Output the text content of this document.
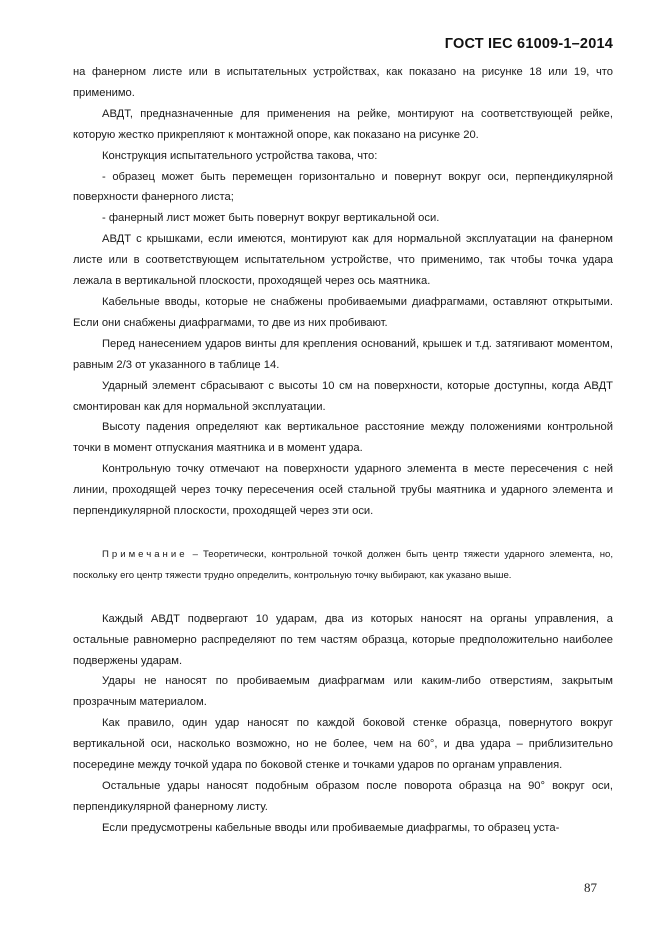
ГОСТ IEC 61009-1–2014

на фанерном листе или в испытательных устройствах, как показано на рисунке 18 или 19, что применимо.

АВДТ, предназначенные для применения на рейке, монтируют на соответствующей рейке, которую жестко прикрепляют к монтажной опоре, как показано на рисунке 20.

Конструкция испытательного устройства такова, что:

- образец может быть перемещен горизонтально и повернут вокруг оси, перпендикулярной поверхности фанерного листа;

- фанерный лист может быть повернут вокруг вертикальной оси.

АВДТ с крышками, если имеются, монтируют как для нормальной эксплуатации на фанерном листе или в соответствующем испытательном устройстве, что применимо, так чтобы точка удара лежала в вертикальной плоскости, проходящей через ось маятника.

Кабельные вводы, которые не снабжены пробиваемыми диафрагмами, оставляют открытыми. Если они снабжены диафрагмами, то две из них пробивают.

Перед нанесением ударов винты для крепления оснований, крышек и т.д. затягивают моментом, равным 2/3 от указанного в таблице 14.

Ударный элемент сбрасывают с высоты 10 см на поверхности, которые доступны, когда АВДТ смонтирован как для нормальной эксплуатации.

Высоту падения определяют как вертикальное расстояние между положениями контрольной точки в момент отпускания маятника и в момент удара.

Контрольную точку отмечают на поверхности ударного элемента в месте пересечения с ней линии, проходящей через точку пересечения осей стальной трубы маятника и ударного элемента и перпендикулярной плоскости, проходящей через эти оси.

Примечание – Теоретически, контрольной точкой должен быть центр тяжести ударного элемента, но, поскольку его центр тяжести трудно определить, контрольную точку выбирают, как указано выше.

Каждый АВДТ подвергают 10 ударам, два из которых наносят на органы управления, а остальные равномерно распределяют по тем частям образца, которые предположительно наиболее подвержены ударам.

Удары не наносят по пробиваемым диафрагмам или каким-либо отверстиям, закрытым прозрачным материалом.

Как правило, один удар наносят по каждой боковой стенке образца, повернутого вокруг вертикальной оси, насколько возможно, но не более, чем на 60°, и два удара – приблизительно посередине между точкой удара по боковой стенке и точками ударов по органам управления.

Остальные удары наносят подобным образом после поворота образца на 90° вокруг оси, перпендикулярной фанерному листу.

Если предусмотрены кабельные вводы или пробиваемые диафрагмы, то образец уста-

87
